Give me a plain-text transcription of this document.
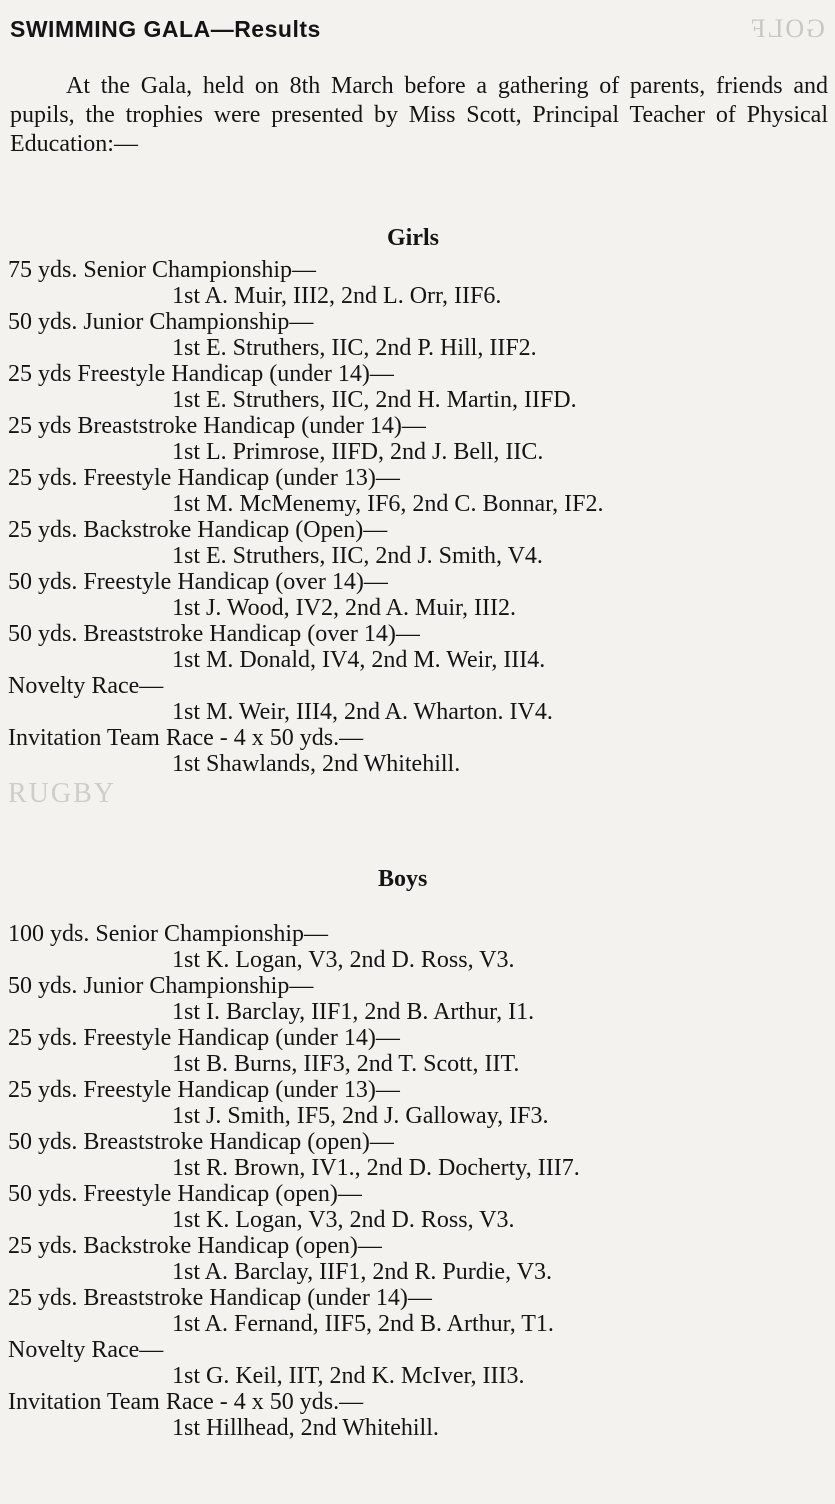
GOLF
RUGBY
SWIMMING GALA—Results

At the Gala, held on 8th March before a gathering of parents, friends and pupils, the trophies were presented by Miss Scott, Principal Teacher of Physical Education:—

Girls
75 yds. Senior Championship—
1st A. Muir, III2, 2nd L. Orr, IIF6.
50 yds. Junior Championship—
1st E. Struthers, IIC, 2nd P. Hill, IIF2.
25 yds Freestyle Handicap (under 14)—
1st E. Struthers, IIC, 2nd H. Martin, IIFD.
25 yds Breaststroke Handicap (under 14)—
1st L. Primrose, IIFD, 2nd J. Bell, IIC.
25 yds. Freestyle Handicap (under 13)—
1st M. McMenemy, IF6, 2nd C. Bonnar, IF2.
25 yds. Backstroke Handicap (Open)—
1st E. Struthers, IIC, 2nd J. Smith, V4.
50 yds. Freestyle Handicap (over 14)—
1st J. Wood, IV2, 2nd A. Muir, III2.
50 yds. Breaststroke Handicap (over 14)—
1st M. Donald, IV4, 2nd M. Weir, III4.
Novelty Race—
1st M. Weir, III4, 2nd A. Wharton. IV4.
Invitation Team Race - 4 x 50 yds.—
1st Shawlands, 2nd Whitehill.
Boys
100 yds. Senior Championship—
1st K. Logan, V3, 2nd D. Ross, V3.
50 yds. Junior Championship—
1st I. Barclay, IIF1, 2nd B. Arthur, I1.
25 yds. Freestyle Handicap (under 14)—
1st B. Burns, IIF3, 2nd T. Scott, IIT.
25 yds. Freestyle Handicap (under 13)—
1st J. Smith, IF5, 2nd J. Galloway, IF3.
50 yds. Breaststroke Handicap (open)—
1st R. Brown, IV1., 2nd D. Docherty, III7.
50 yds. Freestyle Handicap (open)—
1st K. Logan, V3, 2nd D. Ross, V3.
25 yds. Backstroke Handicap (open)—
1st A. Barclay, IIF1, 2nd R. Purdie, V3.
25 yds. Breaststroke Handicap (under 14)—
1st A. Fernand, IIF5, 2nd B. Arthur, T1.
Novelty Race—
1st G. Keil, IIT, 2nd K. McIver, III3.
Invitation Team Race - 4 x 50 yds.—
1st Hillhead, 2nd Whitehill.
